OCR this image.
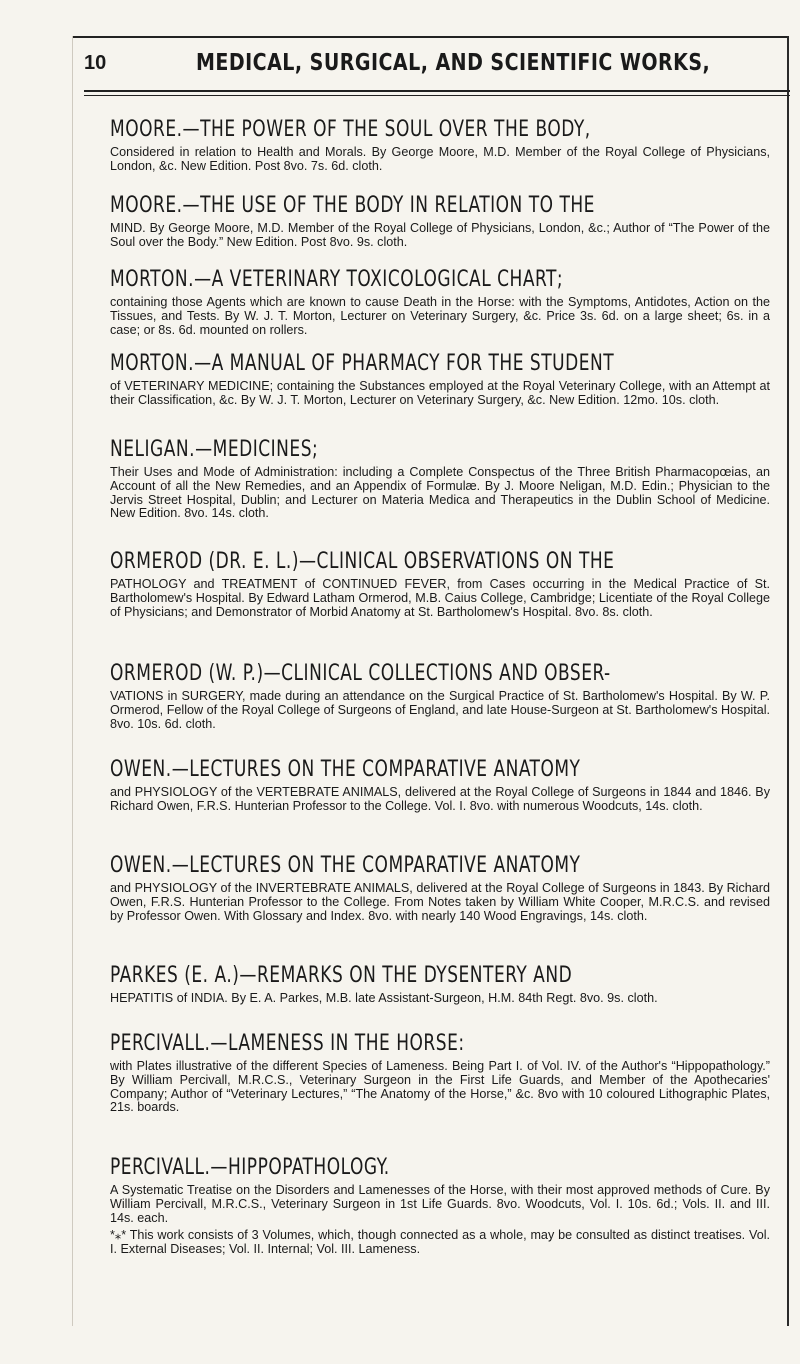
10	MEDICAL, SURGICAL, AND SCIENTIFIC WORKS,
MOORE.—THE POWER OF THE SOUL OVER THE BODY,
Considered in relation to Health and Morals. By George Moore, M.D. Member of the Royal College of Physicians, London, &c. New Edition. Post 8vo. 7s. 6d. cloth.
MOORE.—THE USE OF THE BODY IN RELATION TO THE
MIND. By George Moore, M.D. Member of the Royal College of Physicians, London, &c.; Author of “The Power of the Soul over the Body.” New Edition. Post 8vo. 9s. cloth.
MORTON.—A VETERINARY TOXICOLOGICAL CHART;
containing those Agents which are known to cause Death in the Horse: with the Symptoms, Antidotes, Action on the Tissues, and Tests. By W. J. T. Morton, Lecturer on Veterinary Surgery, &c. Price 3s. 6d. on a large sheet; 6s. in a case; or 8s. 6d. mounted on rollers.
MORTON.—A MANUAL OF PHARMACY FOR THE STUDENT
of VETERINARY MEDICINE; containing the Substances employed at the Royal Veterinary College, with an Attempt at their Classification, &c. By W. J. T. Morton, Lecturer on Veterinary Surgery, &c. New Edition. 12mo. 10s. cloth.
NELIGAN.—MEDICINES;
Their Uses and Mode of Administration: including a Complete Conspectus of the Three British Pharmacopœias, an Account of all the New Remedies, and an Appendix of Formulæ. By J. Moore Neligan, M.D. Edin.; Physician to the Jervis Street Hospital, Dublin; and Lecturer on Materia Medica and Therapeutics in the Dublin School of Medicine. New Edition. 8vo. 14s. cloth.
ORMEROD (DR. E. L.)—CLINICAL OBSERVATIONS ON THE
PATHOLOGY and TREATMENT of CONTINUED FEVER, from Cases occurring in the Medical Practice of St. Bartholomew's Hospital. By Edward Latham Ormerod, M.B. Caius College, Cambridge; Licentiate of the Royal College of Physicians; and Demonstrator of Morbid Anatomy at St. Bartholomew's Hospital. 8vo. 8s. cloth.
ORMEROD (W. P.)—CLINICAL COLLECTIONS AND OBSER-
VATIONS in SURGERY, made during an attendance on the Surgical Practice of St. Bartholomew's Hospital. By W. P. Ormerod, Fellow of the Royal College of Surgeons of England, and late House-Surgeon at St. Bartholomew's Hospital. 8vo. 10s. 6d. cloth.
OWEN.—LECTURES ON THE COMPARATIVE ANATOMY
and PHYSIOLOGY of the VERTEBRATE ANIMALS, delivered at the Royal College of Surgeons in 1844 and 1846. By Richard Owen, F.R.S. Hunterian Professor to the College. Vol. I. 8vo. with numerous Woodcuts, 14s. cloth.
OWEN.—LECTURES ON THE COMPARATIVE ANATOMY
and PHYSIOLOGY of the INVERTEBRATE ANIMALS, delivered at the Royal College of Surgeons in 1843. By Richard Owen, F.R.S. Hunterian Professor to the College. From Notes taken by William White Cooper, M.R.C.S. and revised by Professor Owen. With Glossary and Index. 8vo. with nearly 140 Wood Engravings, 14s. cloth.
PARKES (E. A.)—REMARKS ON THE DYSENTERY AND
HEPATITIS of INDIA. By E. A. Parkes, M.B. late Assistant-Surgeon, H.M. 84th Regt. 8vo. 9s. cloth.
PERCIVALL.—LAMENESS IN THE HORSE:
with Plates illustrative of the different Species of Lameness. Being Part I. of Vol. IV. of the Author's “Hippopathology.” By William Percivall, M.R.C.S., Veterinary Surgeon in the First Life Guards, and Member of the Apothecaries' Company; Author of “Veterinary Lectures,” “The Anatomy of the Horse,” &c. 8vo with 10 coloured Lithographic Plates, 21s. boards.
PERCIVALL.—HIPPOPATHOLOGY.
A Systematic Treatise on the Disorders and Lamenesses of the Horse, with their most approved methods of Cure. By William Percivall, M.R.C.S., Veterinary Surgeon in 1st Life Guards. 8vo. Woodcuts, Vol. I. 10s. 6d.; Vols. II. and III. 14s. each.
*⁎* This work consists of 3 Volumes, which, though connected as a whole, may be consulted as distinct treatises. Vol. I. External Diseases; Vol. II. Internal; Vol. III. Lameness.
